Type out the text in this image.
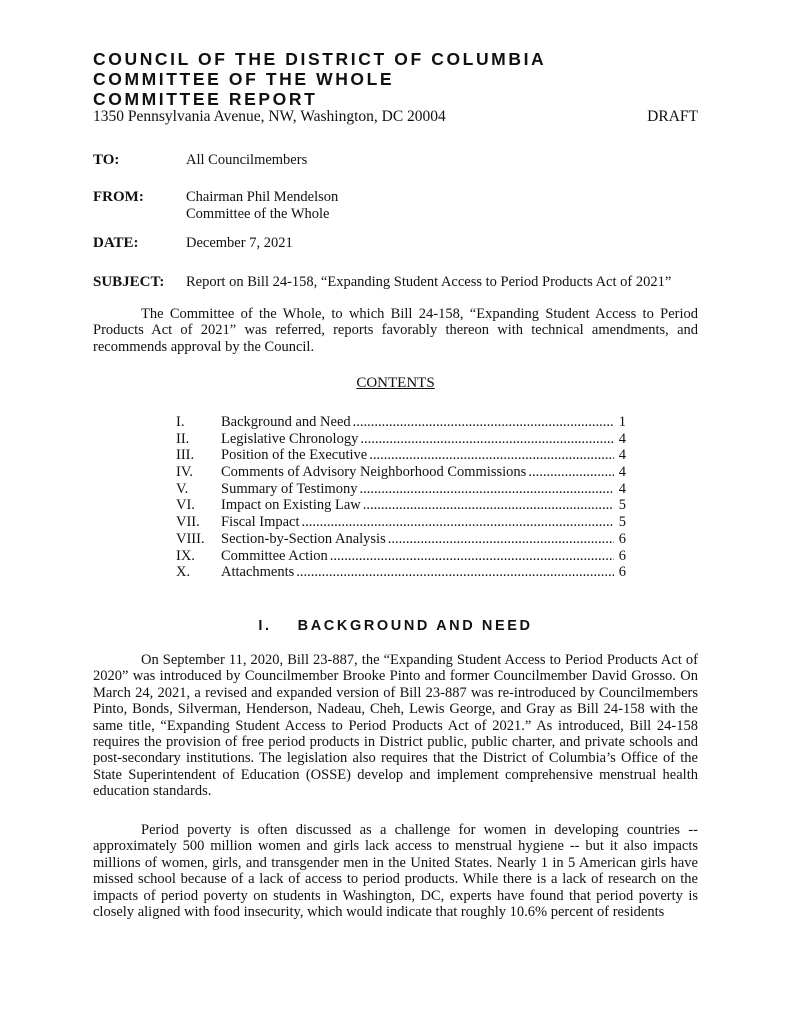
COUNCIL OF THE DISTRICT OF COLUMBIA
COMMITTEE OF THE WHOLE
COMMITTEE REPORT
1350 Pennsylvania Avenue, NW, Washington, DC 20004	DRAFT
TO:	All Councilmembers
FROM:	Chairman Phil Mendelson
Committee of the Whole
DATE:	December 7, 2021
SUBJECT: Report on Bill 24-158, “Expanding Student Access to Period Products Act of 2021”

The Committee of the Whole, to which Bill 24-158, “Expanding Student Access to Period Products Act of 2021” was referred, reports favorably thereon with technical amendments, and recommends approval by the Council.

CONTENTS
I.	Background and Need .....	1
II.	Legislative Chronology .....	4
III.	Position of the Executive .....	4
IV.	Comments of Advisory Neighborhood Commissions .....	4
V.	Summary of Testimony .....	4
VI.	Impact on Existing Law .....	5
VII.	Fiscal Impact .....	5
VIII.	Section-by-Section Analysis .....	6
IX.	Committee Action .....	6
X.	Attachments .....	6
I. BACKGROUND AND NEED

On September 11, 2020, Bill 23-887, the “Expanding Student Access to Period Products Act of 2020” was introduced by Councilmember Brooke Pinto and former Councilmember David Grosso. On March 24, 2021, a revised and expanded version of Bill 23-887 was re-introduced by Councilmembers Pinto, Bonds, Silverman, Henderson, Nadeau, Cheh, Lewis George, and Gray as Bill 24-158 with the same title, “Expanding Student Access to Period Products Act of 2021.” As introduced, Bill 24-158 requires the provision of free period products in District public, public charter, and private schools and post-secondary institutions. The legislation also requires that the District of Columbia’s Office of the State Superintendent of Education (OSSE) develop and implement comprehensive menstrual health education standards.

Period poverty is often discussed as a challenge for women in developing countries -- approximately 500 million women and girls lack access to menstrual hygiene -- but it also impacts millions of women, girls, and transgender men in the United States. Nearly 1 in 5 American girls have missed school because of a lack of access to period products. While there is a lack of research on the impacts of period poverty on students in Washington, DC, experts have found that period poverty is closely aligned with food insecurity, which would indicate that roughly 10.6% percent of residents
